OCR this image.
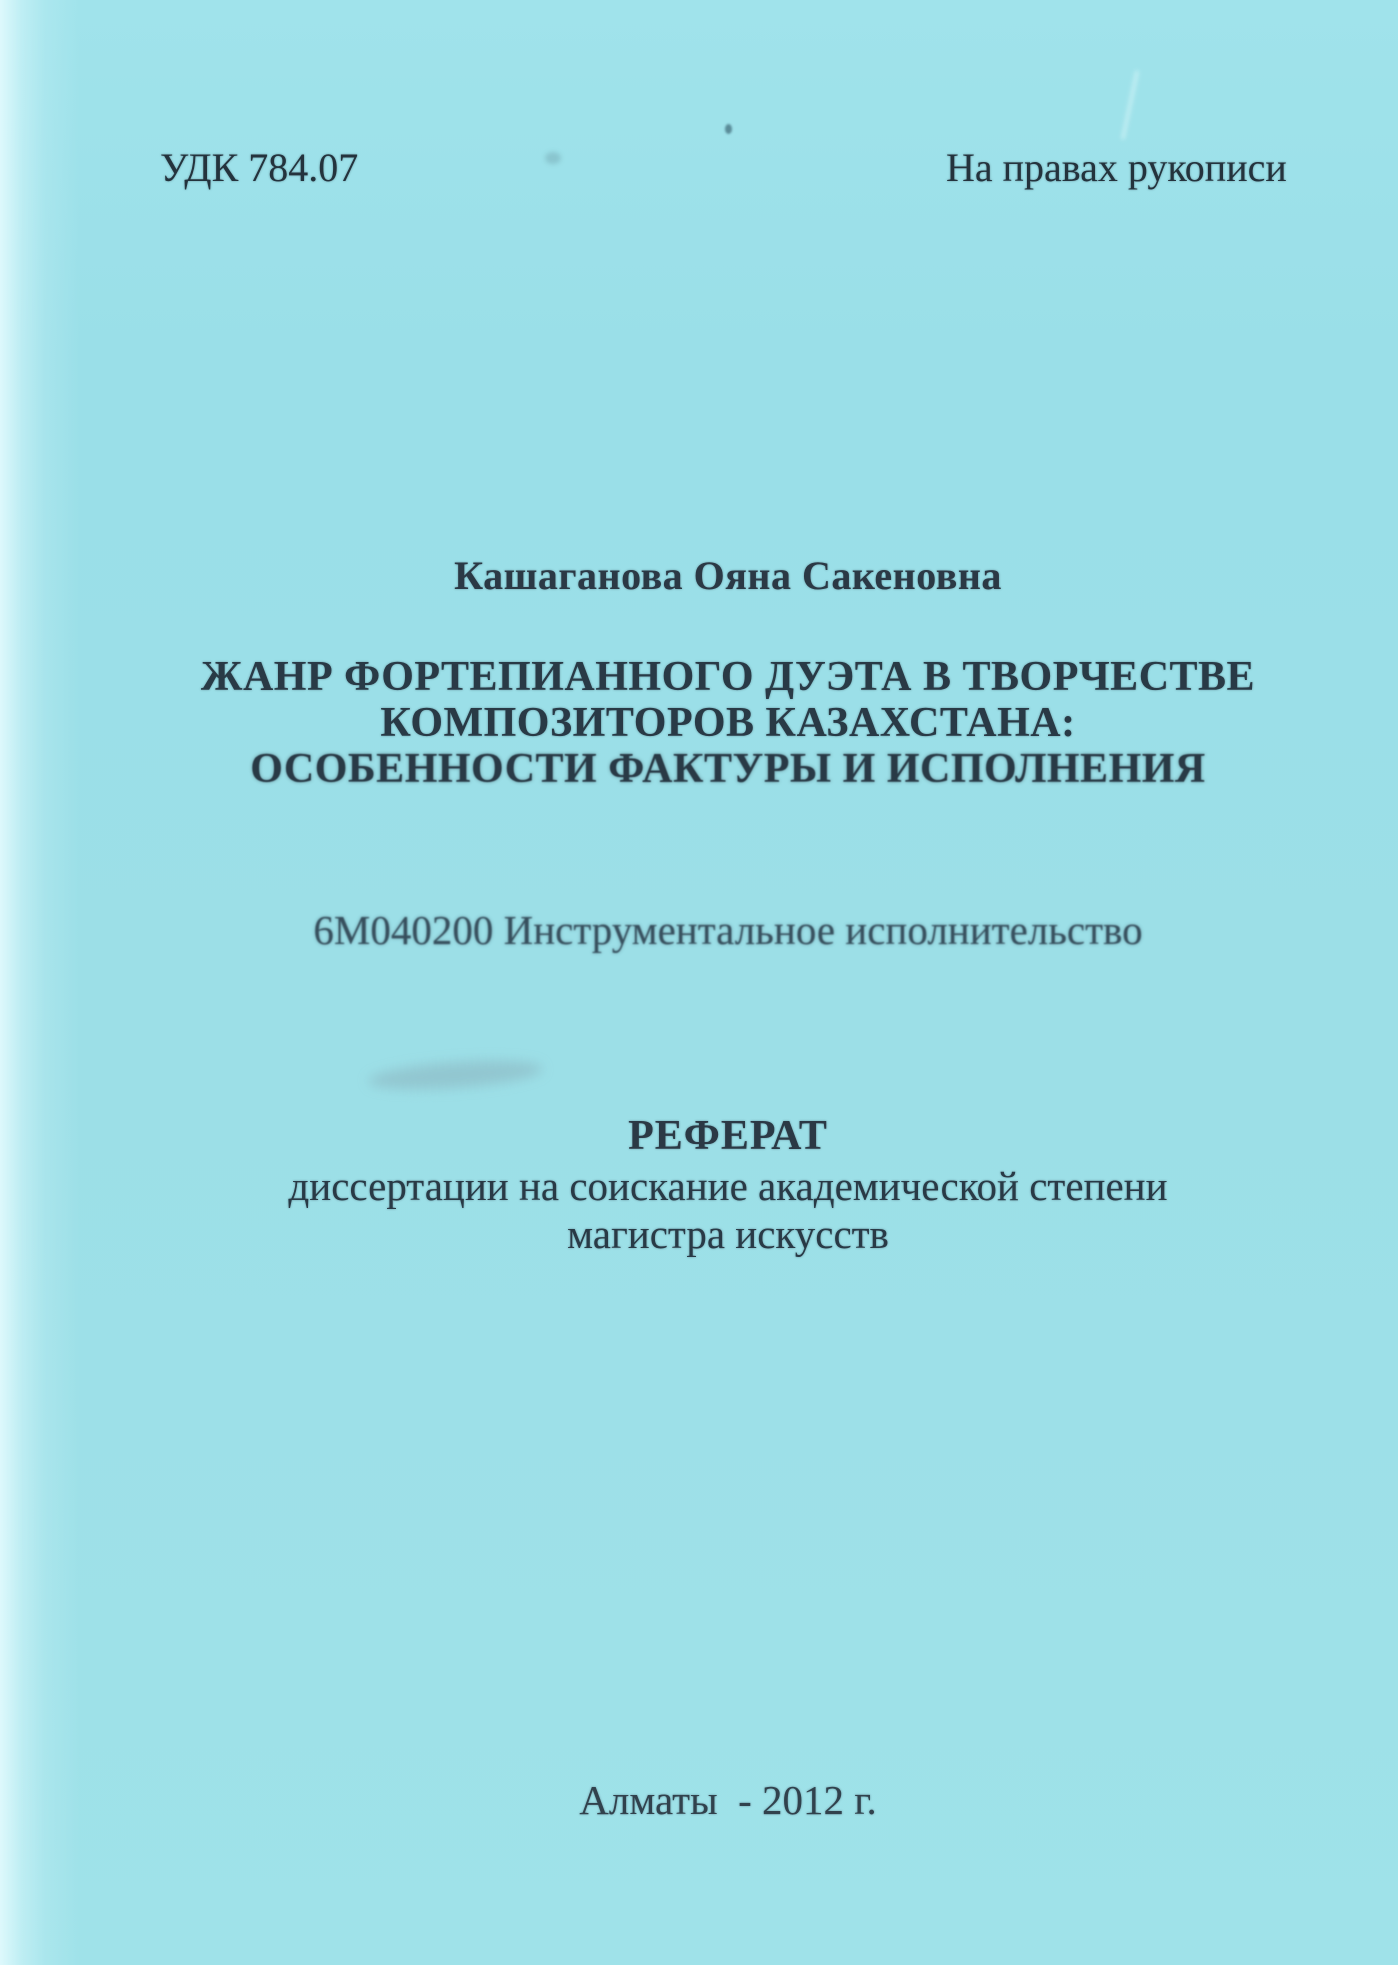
УДК 784.07	На правах рукописи
Кашаганова Ояна Сакеновна
ЖАНР ФОРТЕПИАННОГО ДУЭТА В ТВОРЧЕСТВЕ
КОМПОЗИТОРОВ КАЗАХСТАНА:
ОСОБЕННОСТИ ФАКТУРЫ И ИСПОЛНЕНИЯ
6М040200 Инструментальное исполнительство
РЕФЕРАТ
диссертации на соискание академической степени
магистра искусств
Алматы  - 2012 г.
